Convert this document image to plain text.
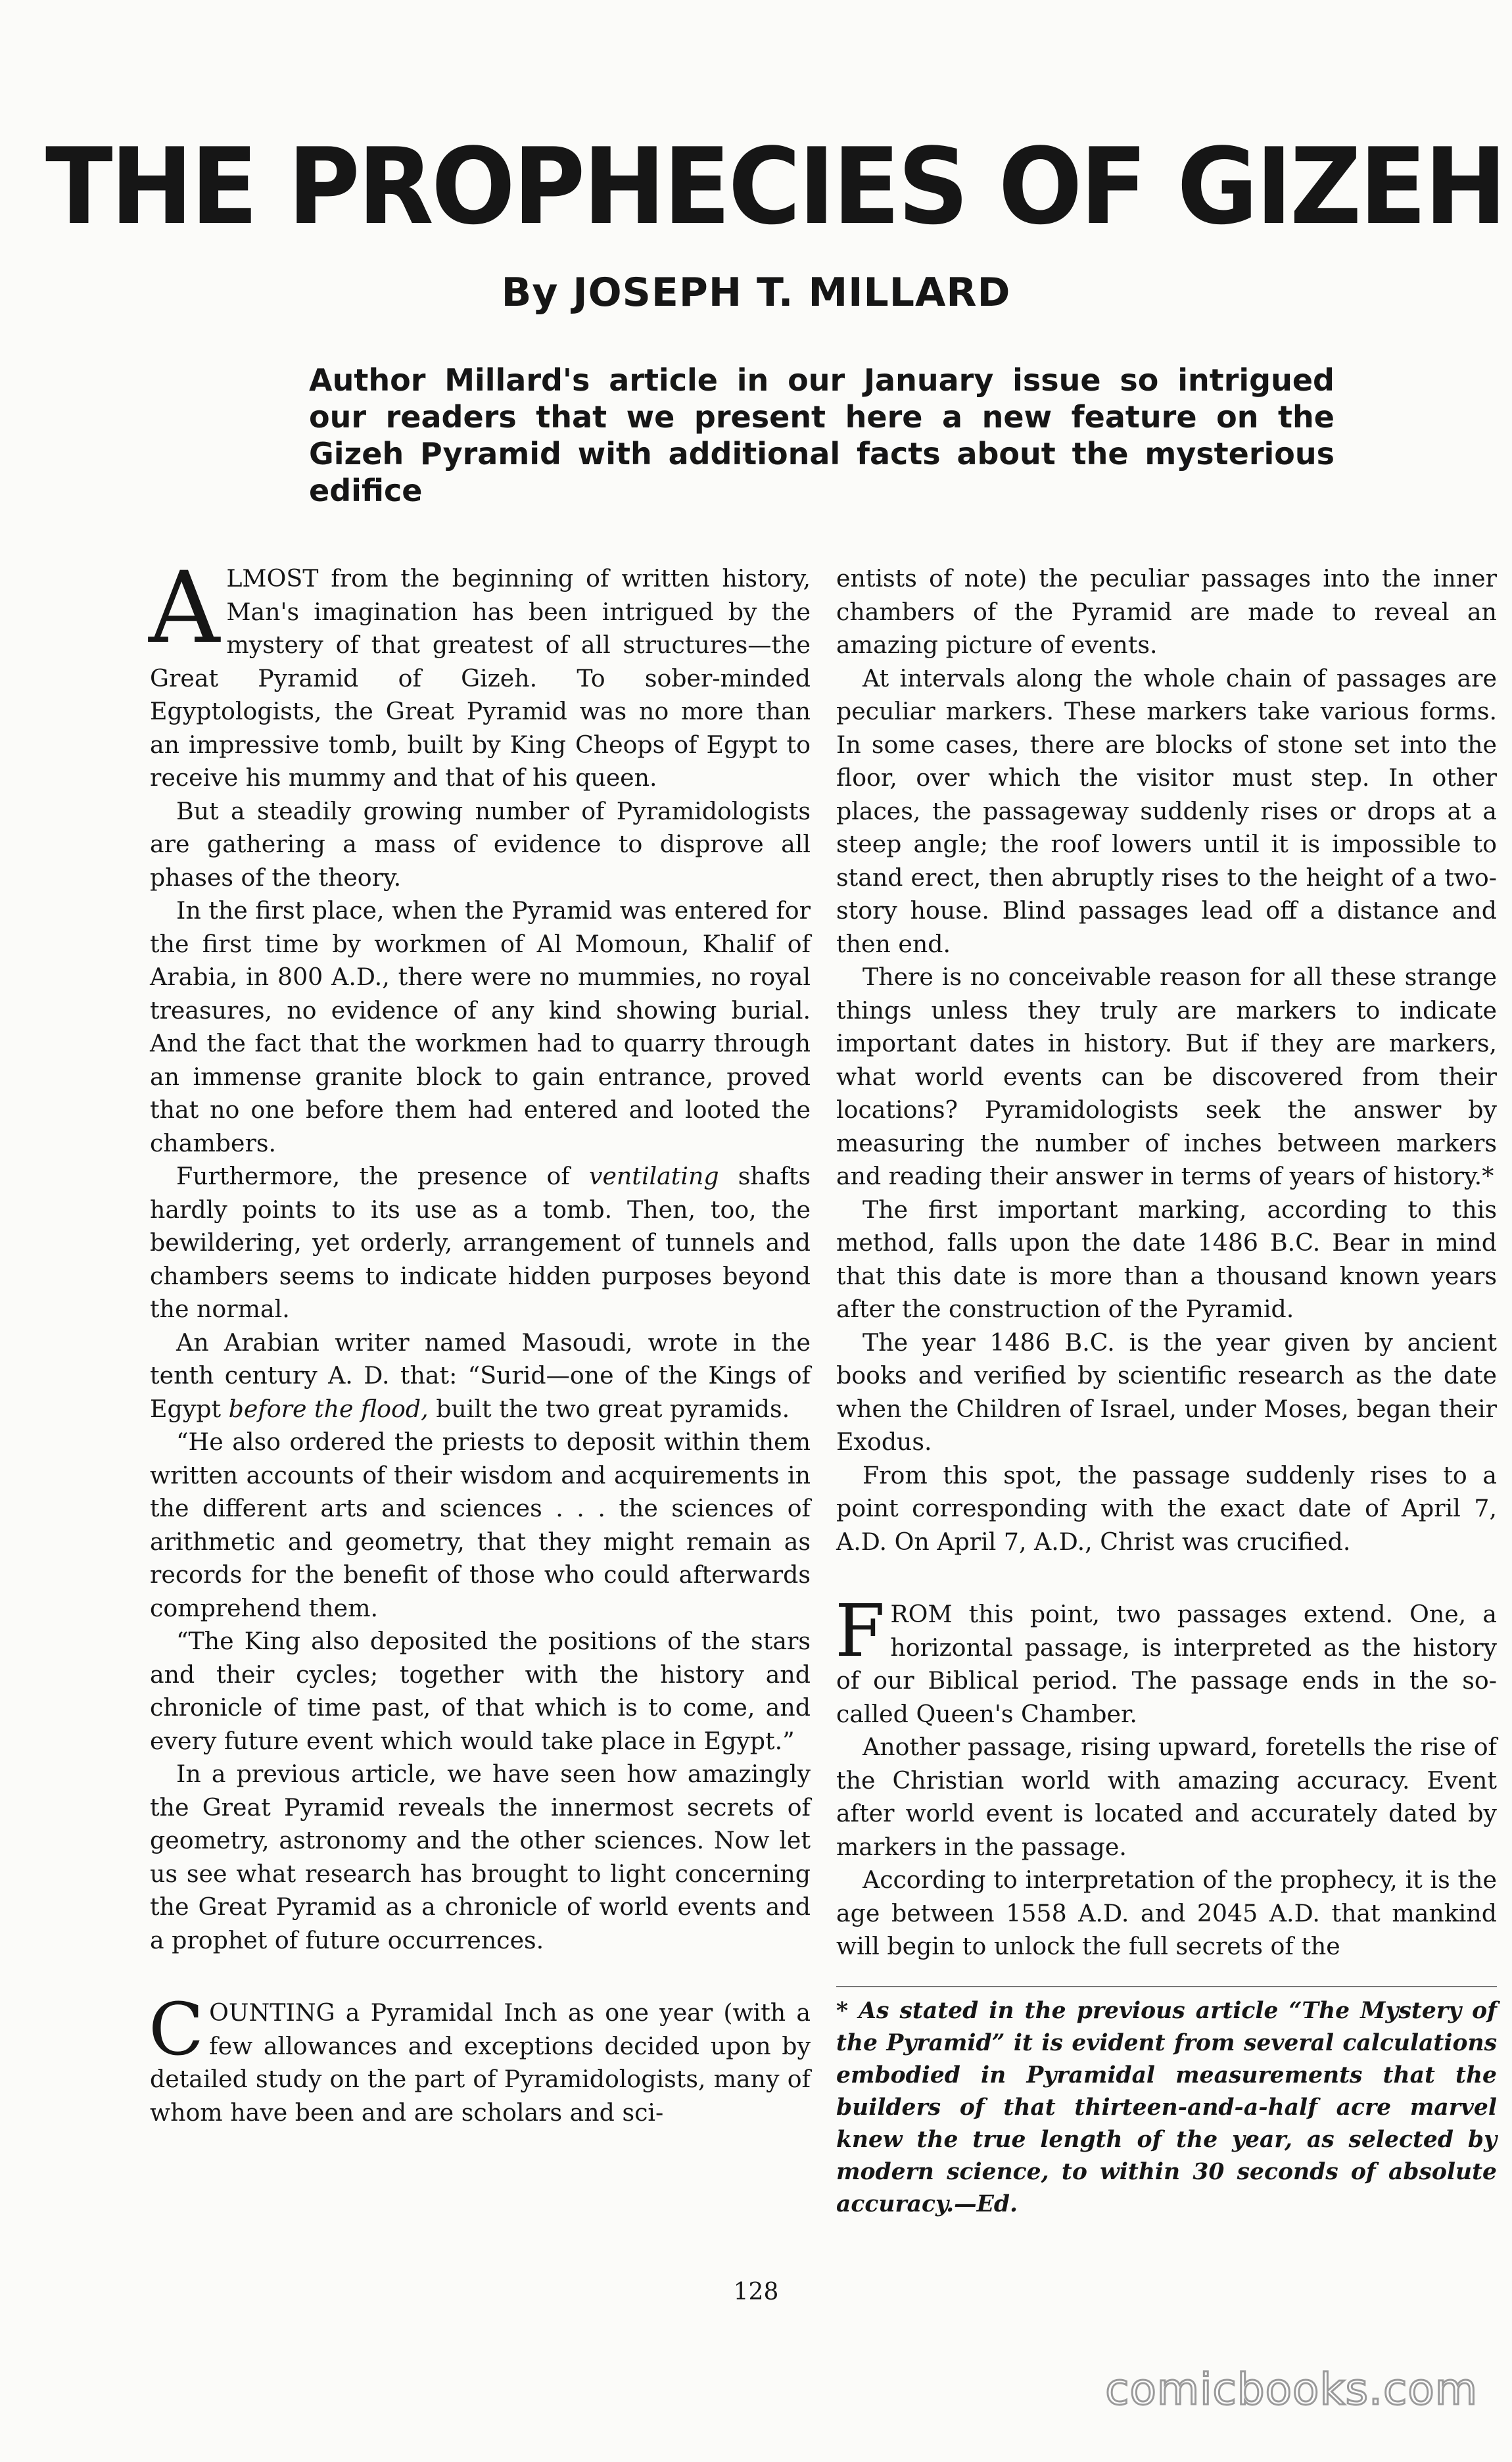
THE PROPHECIES OF GIZEH
By JOSEPH T. MILLARD
Author Millard's article in our January issue so intrigued our readers that we present here a new feature on the Gizeh Pyramid with additional facts about the mysterious edifice

ALMOST from the beginning of written history, Man's imagination has been intrigued by the mystery of that greatest of all structures—the Great Pyramid of Gizeh. To sober-minded Egyptologists, the Great Pyramid was no more than an impressive tomb, built by King Cheops of Egypt to receive his mummy and that of his queen.

But a steadily growing number of Pyramidologists are gathering a mass of evidence to disprove all phases of the theory.

In the first place, when the Pyramid was entered for the first time by workmen of Al Momoun, Khalif of Arabia, in 800 A.D., there were no mummies, no royal treasures, no evidence of any kind showing burial. And the fact that the workmen had to quarry through an immense granite block to gain entrance, proved that no one before them had entered and looted the chambers.

Furthermore, the presence of ventilating shafts hardly points to its use as a tomb. Then, too, the bewildering, yet orderly, arrangement of tunnels and chambers seems to indicate hidden purposes beyond the normal.

An Arabian writer named Masoudi, wrote in the tenth century A. D. that: “Surid—one of the Kings of Egypt before the flood, built the two great pyramids.

“He also ordered the priests to deposit within them written accounts of their wisdom and acquirements in the different arts and sciences . . . the sciences of arithmetic and geometry, that they might remain as records for the benefit of those who could afterwards comprehend them.

“The King also deposited the positions of the stars and their cycles; together with the history and chronicle of time past, of that which is to come, and every future event which would take place in Egypt.”

In a previous article, we have seen how amazingly the Great Pyramid reveals the innermost secrets of geometry, astronomy and the other sciences. Now let us see what research has brought to light concerning the Great Pyramid as a chronicle of world events and a prophet of future occurrences.

COUNTING a Pyramidal Inch as one year (with a few allowances and exceptions decided upon by detailed study on the part of Pyramidologists, many of whom have been and are scholars and sci-

entists of note) the peculiar passages into the inner chambers of the Pyramid are made to reveal an amazing picture of events.

At intervals along the whole chain of passages are peculiar markers. These markers take various forms. In some cases, there are blocks of stone set into the floor, over which the visitor must step. In other places, the passageway suddenly rises or drops at a steep angle; the roof lowers until it is impossible to stand erect, then abruptly rises to the height of a two-story house. Blind passages lead off a distance and then end.

There is no conceivable reason for all these strange things unless they truly are markers to indicate important dates in history. But if they are markers, what world events can be discovered from their locations? Pyramidologists seek the answer by measuring the number of inches between markers and reading their answer in terms of years of history.*

The first important marking, according to this method, falls upon the date 1486 B.C. Bear in mind that this date is more than a thousand known years after the construction of the Pyramid.

The year 1486 B.C. is the year given by ancient books and verified by scientific research as the date when the Children of Israel, under Moses, began their Exodus.

From this spot, the passage suddenly rises to a point corresponding with the exact date of April 7, A.D. On April 7, A.D., Christ was crucified.

FROM this point, two passages extend. One, a horizontal passage, is interpreted as the history of our Biblical period. The passage ends in the so-called Queen's Chamber.

Another passage, rising upward, foretells the rise of the Christian world with amazing accuracy. Event after world event is located and accurately dated by markers in the passage.

According to interpretation of the prophecy, it is the age between 1558 A.D. and 2045 A.D. that mankind will begin to unlock the full secrets of the

* As stated in the previous article “The Mystery of the Pyramid” it is evident from several calculations embodied in Pyramidal measurements that the builders of that thirteen-and-a-half acre marvel knew the true length of the year, as selected by modern science, to within 30 seconds of absolute accuracy.—Ed.
128
comicbooks.com
